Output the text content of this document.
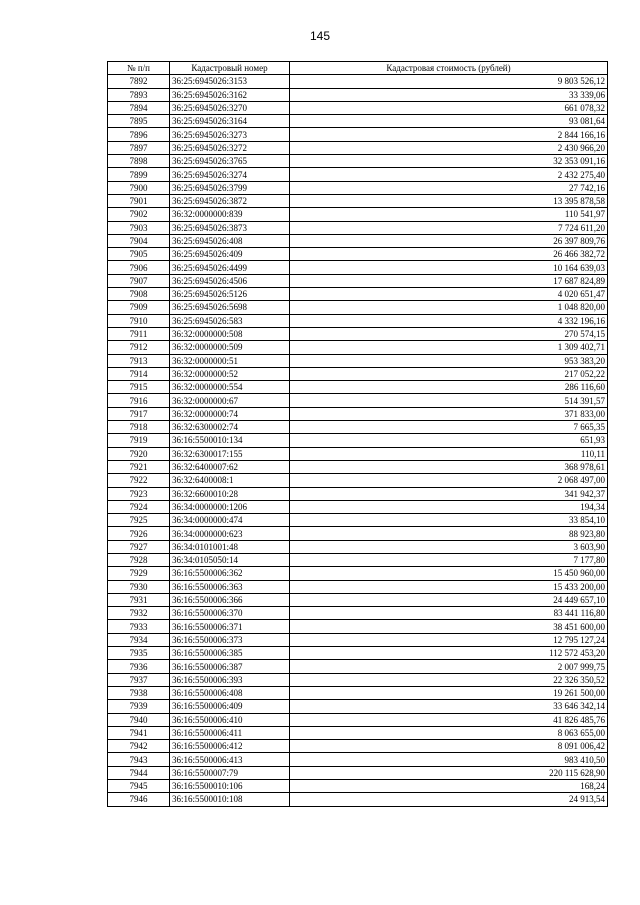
145
№ п/п	Кадастровый номер	Кадастровая стоимость (рублей)
7892	36:25:6945026:3153	9 803 526,12
7893	36:25:6945026:3162	33 339,06
7894	36:25:6945026:3270	661 078,32
7895	36:25:6945026:3164	93 081,64
7896	36:25:6945026:3273	2 844 166,16
7897	36:25:6945026:3272	2 430 966,20
7898	36:25:6945026:3765	32 353 091,16
7899	36:25:6945026:3274	2 432 275,40
7900	36:25:6945026:3799	27 742,16
7901	36:25:6945026:3872	13 395 878,58
7902	36:32:0000000:839	110 541,97
7903	36:25:6945026:3873	7 724 611,20
7904	36:25:6945026:408	26 397 809,76
7905	36:25:6945026:409	26 466 382,72
7906	36:25:6945026:4499	10 164 639,03
7907	36:25:6945026:4506	17 687 824,89
7908	36:25:6945026:5126	4 020 651,47
7909	36:25:6945026:5698	1 048 820,00
7910	36:25:6945026:583	4 332 196,16
7911	36:32:0000000:508	270 574,15
7912	36:32:0000000:509	1 309 402,71
7913	36:32:0000000:51	953 383,20
7914	36:32:0000000:52	217 052,22
7915	36:32:0000000:554	286 116,60
7916	36:32:0000000:67	514 391,57
7917	36:32:0000000:74	371 833,00
7918	36:32:6300002:74	7 665,35
7919	36:16:5500010:134	651,93
7920	36:32:6300017:155	110,11
7921	36:32:6400007:62	368 978,61
7922	36:32:6400008:1	2 068 497,00
7923	36:32:6600010:28	341 942,37
7924	36:34:0000000:1206	194,34
7925	36:34:0000000:474	33 854,10
7926	36:34:0000000:623	88 923,80
7927	36:34:0101001:48	3 603,90
7928	36:34:0105050:14	7 177,80
7929	36:16:5500006:362	15 450 960,00
7930	36:16:5500006:363	15 433 200,00
7931	36:16:5500006:366	24 449 657,10
7932	36:16:5500006:370	83 441 116,80
7933	36:16:5500006:371	38 451 600,00
7934	36:16:5500006:373	12 795 127,24
7935	36:16:5500006:385	112 572 453,20
7936	36:16:5500006:387	2 007 999,75
7937	36:16:5500006:393	22 326 350,52
7938	36:16:5500006:408	19 261 500,00
7939	36:16:5500006:409	33 646 342,14
7940	36:16:5500006:410	41 826 485,76
7941	36:16:5500006:411	8 063 655,00
7942	36:16:5500006:412	8 091 006,42
7943	36:16:5500006:413	983 410,50
7944	36:16:5500007:79	220 115 628,90
7945	36:16:5500010:106	168,24
7946	36:16:5500010:108	24 913,54
